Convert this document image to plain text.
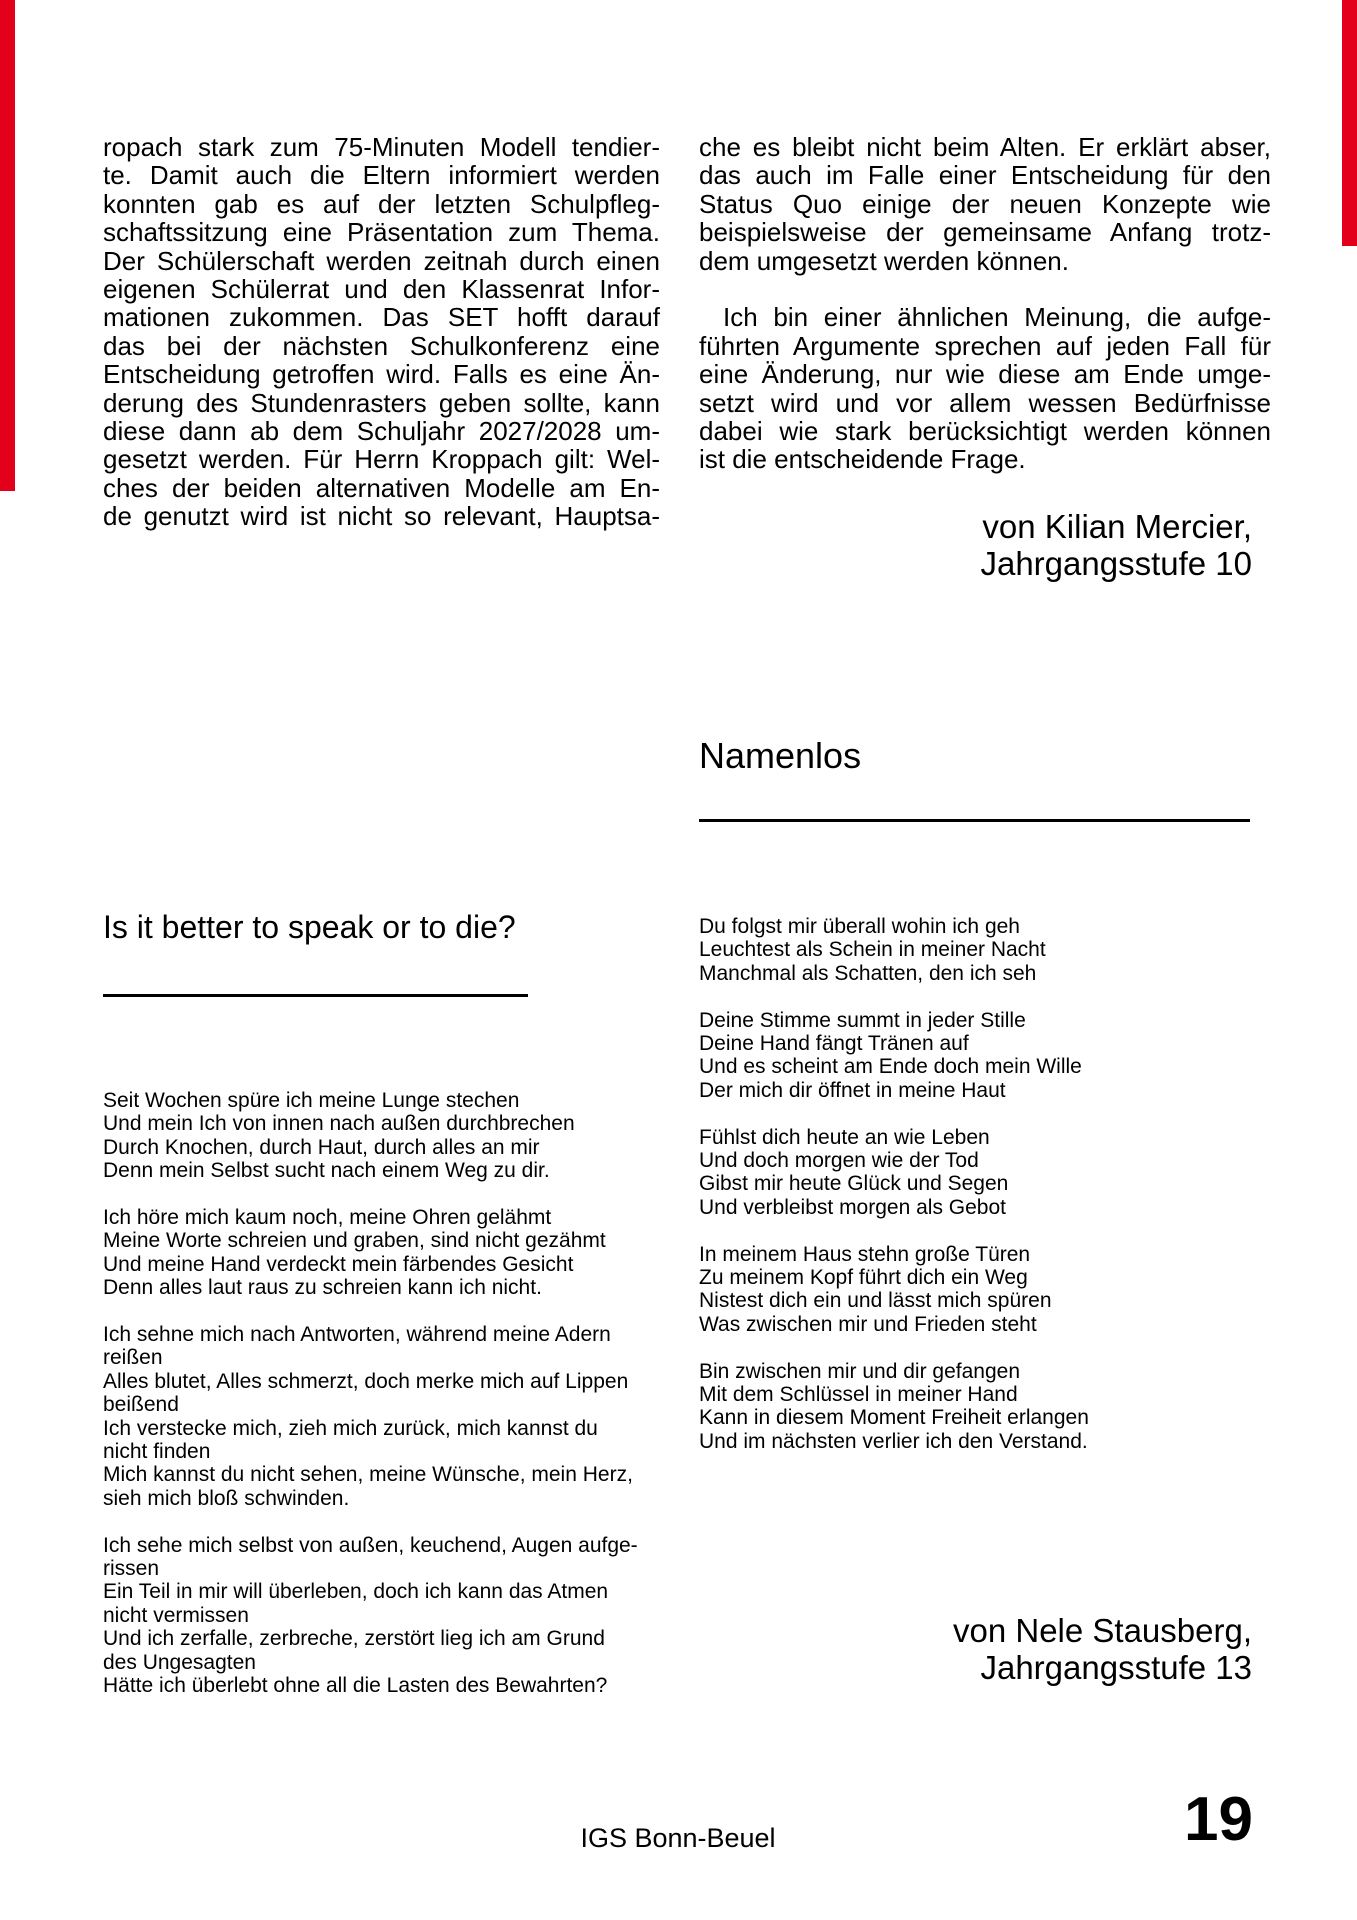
ropach stark zum 75-Minuten Modell tendier-
te. Damit auch die Eltern informiert werden
konnten gab es auf der letzten Schulpfleg-
schaftssitzung eine Präsentation zum Thema.
Der Schülerschaft werden zeitnah durch einen
eigenen Schülerrat und den Klassenrat Infor-
mationen zukommen. Das SET hofft darauf
das bei der nächsten Schulkonferenz eine
Entscheidung getroffen wird. Falls es eine Än-
derung des Stundenrasters geben sollte, kann
diese dann ab dem Schuljahr 2027/2028 um-
gesetzt werden. Für Herrn Kroppach gilt: Wel-
ches der beiden alternativen Modelle am En-
de genutzt wird ist nicht so relevant, Hauptsa-
che es bleibt nicht beim Alten. Er erklärt abser,
das auch im Falle einer Entscheidung für den
Status Quo einige der neuen Konzepte wie
beispielsweise der gemeinsame Anfang trotz-
dem umgesetzt werden können.
Ich bin einer ähnlichen Meinung, die aufge-
führten Argumente sprechen auf jeden Fall für
eine Änderung, nur wie diese am Ende umge-
setzt wird und vor allem wessen Bedürfnisse
dabei wie stark berücksichtigt werden können
ist die entscheidende Frage.
von Kilian Mercier,
Jahrgangsstufe 10
Namenlos
Is it better to speak or to die?
Seit Wochen spüre ich meine Lunge stechen
Und mein Ich von innen nach außen durchbrechen
Durch Knochen, durch Haut, durch alles an mir
Denn mein Selbst sucht nach einem Weg zu dir.
Ich höre mich kaum noch, meine Ohren gelähmt
Meine Worte schreien und graben, sind nicht gezähmt
Und meine Hand verdeckt mein färbendes Gesicht
Denn alles laut raus zu schreien kann ich nicht.
Ich sehne mich nach Antworten, während meine Adern
reißen
Alles blutet, Alles schmerzt, doch merke mich auf Lippen
beißend
Ich verstecke mich, zieh mich zurück, mich kannst du
nicht finden
Mich kannst du nicht sehen, meine Wünsche, mein Herz,
sieh mich bloß schwinden.
Ich sehe mich selbst von außen, keuchend, Augen aufge-
rissen
Ein Teil in mir will überleben, doch ich kann das Atmen
nicht vermissen
Und ich zerfalle, zerbreche, zerstört lieg ich am Grund
des Ungesagten
Hätte ich überlebt ohne all die Lasten des Bewahrten?
Du folgst mir überall wohin ich geh
Leuchtest als Schein in meiner Nacht
Manchmal als Schatten, den ich seh
Deine Stimme summt in jeder Stille
Deine Hand fängt Tränen auf
Und es scheint am Ende doch mein Wille
Der mich dir öffnet in meine Haut
Fühlst dich heute an wie Leben
Und doch morgen wie der Tod
Gibst mir heute Glück und Segen
Und verbleibst morgen als Gebot
In meinem Haus stehn große Türen
Zu meinem Kopf führt dich ein Weg
Nistest dich ein und lässt mich spüren
Was zwischen mir und Frieden steht
Bin zwischen mir und dir gefangen
Mit dem Schlüssel in meiner Hand
Kann in diesem Moment Freiheit erlangen
Und im nächsten verlier ich den Verstand.
von Nele Stausberg,
Jahrgangsstufe 13
IGS Bonn-Beuel	19
